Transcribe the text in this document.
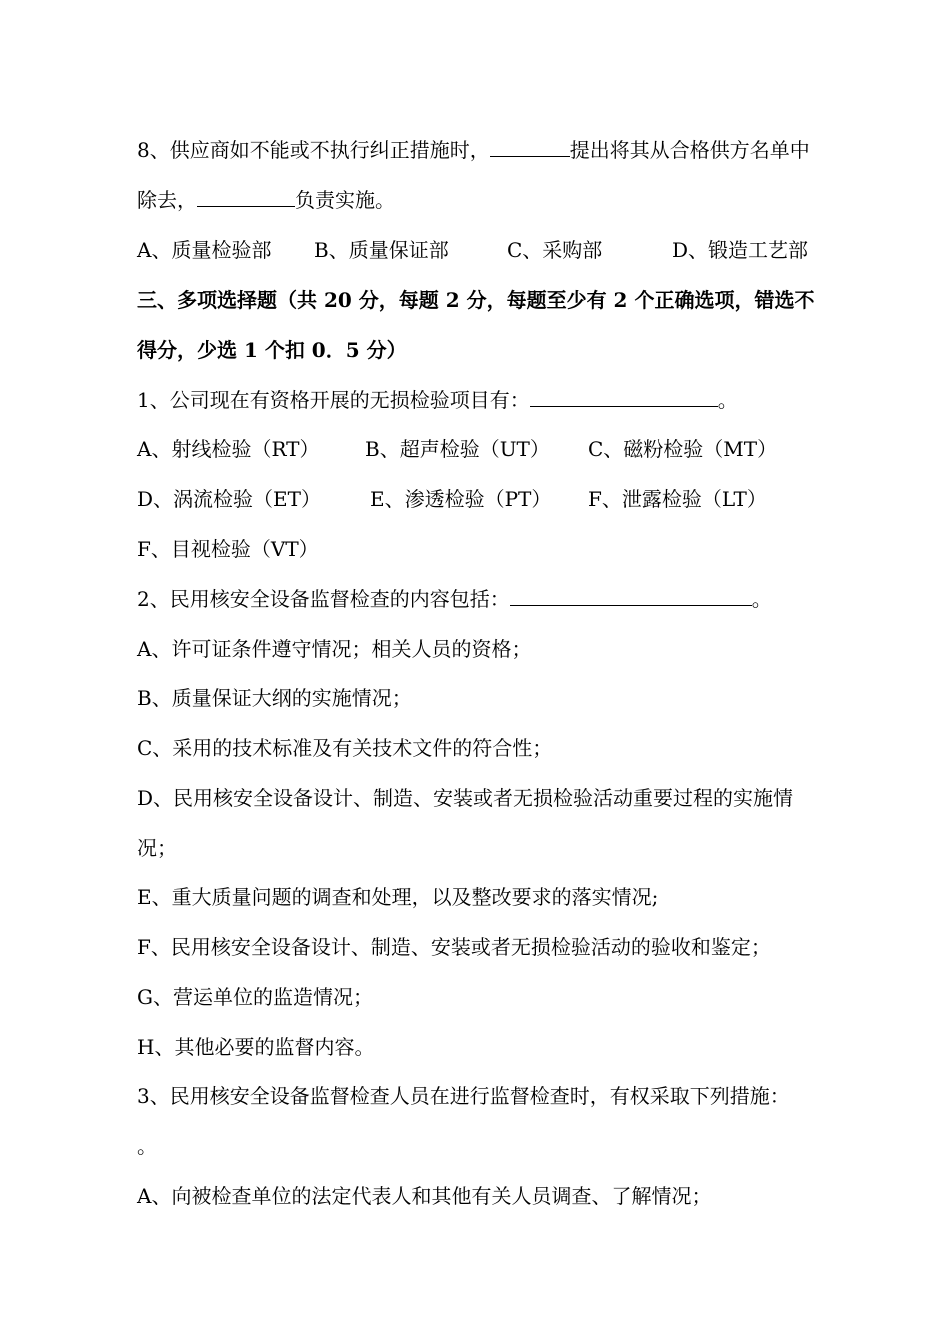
8、供应商如不能或不执行纠正措施时，	提出将其从合格供方名单中
除去，	负责实施。
A、质量检验部 B、质量保证部	C、采购部	D、锻造工艺部
三、多项选择题（共 20 分，每题 2 分，每题至少有 2 个正确选项，错选不
得分，少选 1 个扣 0．5 分）
1、公司现在有资格开展的无损检验项目有：	。
A、射线检验（RT） B、超声检验（UT） C、磁粉检验（MT）
D、涡流检验（ET） E、渗透检验（PT） F、泄露检验（LT）
F、目视检验（VT）
2、民用核安全设备监督检查的内容包括：	。
A、许可证条件遵守情况；相关人员的资格；
B、质量保证大纲的实施情况；
C、采用的技术标准及有关技术文件的符合性；
D、民用核安全设备设计、制造、安装或者无损检验活动重要过程的实施情
况；
E、重大质量问题的调查和处理，以及整改要求的落实情况;
F、民用核安全设备设计、制造、安装或者无损检验活动的验收和鉴定；
G、营运单位的监造情况；
H、其他必要的监督内容。
3、民用核安全设备监督检查人员在进行监督检查时，有权采取下列措施：
。
A、向被检查单位的法定代表人和其他有关人员调查、了解情况；
